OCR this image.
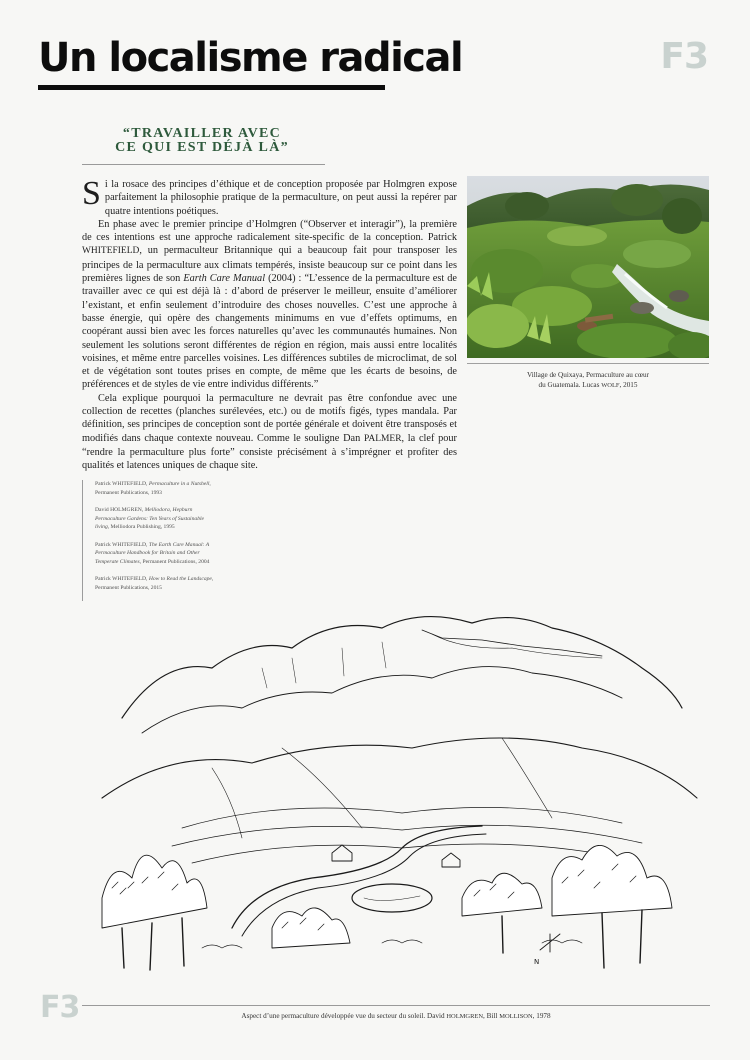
Un localisme radical	F3
“TRAVAILLER AVEC
CE QUI EST DÉJÀ LÀ”

Si la rosace des principes d’éthique et de conception proposée par Holmgren expose parfaitement la philosophie pratique de la permaculture, on peut aussi la repérer par quatre intentions poétiques.

En phase avec le premier principe d’Holmgren (“Observer et interagir”), la première de ces intentions est une approche radicalement site-specific de la conception. Patrick WHITEFIELD, un permaculteur Britannique qui a beaucoup fait pour transposer les principes de la permaculture aux climats tempérés, insiste beaucoup sur ce point dans les premières lignes de son Earth Care Manual (2004) : “L’essence de la permaculture est de travailler avec ce qui est déjà là : d’abord de préserver le meilleur, ensuite d’améliorer l’existant, et enfin seulement d’introduire des choses nouvelles. C’est une approche à basse énergie, qui opère des changements minimums en vue d’effets optimums, en coopérant aussi bien avec les forces naturelles qu’avec les communautés humaines. Non seulement les solutions seront différentes de région en région, mais aussi entre localités voisines, et même entre parcelles voisines. Les différences subtiles de microclimat, de sol et de végétation sont toutes prises en compte, de même que les écarts de besoins, de préférences et de styles de vie entre individus différents.”

Cela explique pourquoi la permaculture ne devrait pas être confondue avec une collection de recettes (planches surélevées, etc.) ou de motifs figés, types mandala. Par définition, ses principes de conception sont de portée générale et doivent être transposés et modifiés dans chaque contexte nouveau. Comme le souligne Dan PALMER, la clef pour “rendre la permaculture plus forte” consiste précisément à s’imprégner et profiter des qualités et latences uniques de chaque site.

Patrick WHITEFIELD, Permaculture in a Nutshell, Permanent Publications, 1993
David HOLMGREN, Melliodora, Hepburn Permaculture Gardens: Ten Years of Sustainable living, Melliodora Publishing, 1995
Patrick WHITEFIELD, The Earth Care Manual: A Permaculture Handbook for Britain and Other Temperate Climates, Permanent Publications, 2004
Patrick WHITEFIELD, How to Read the Landscape, Permanent Publications, 2015
Village de Quixaya, Permaculture au cœur
du Guatemala. Lucas WOLF, 2015
N
Aspect d’une permaculture développée vue du secteur du soleil. David HOLMGREN, Bill MOLLISON, 1978
F3
